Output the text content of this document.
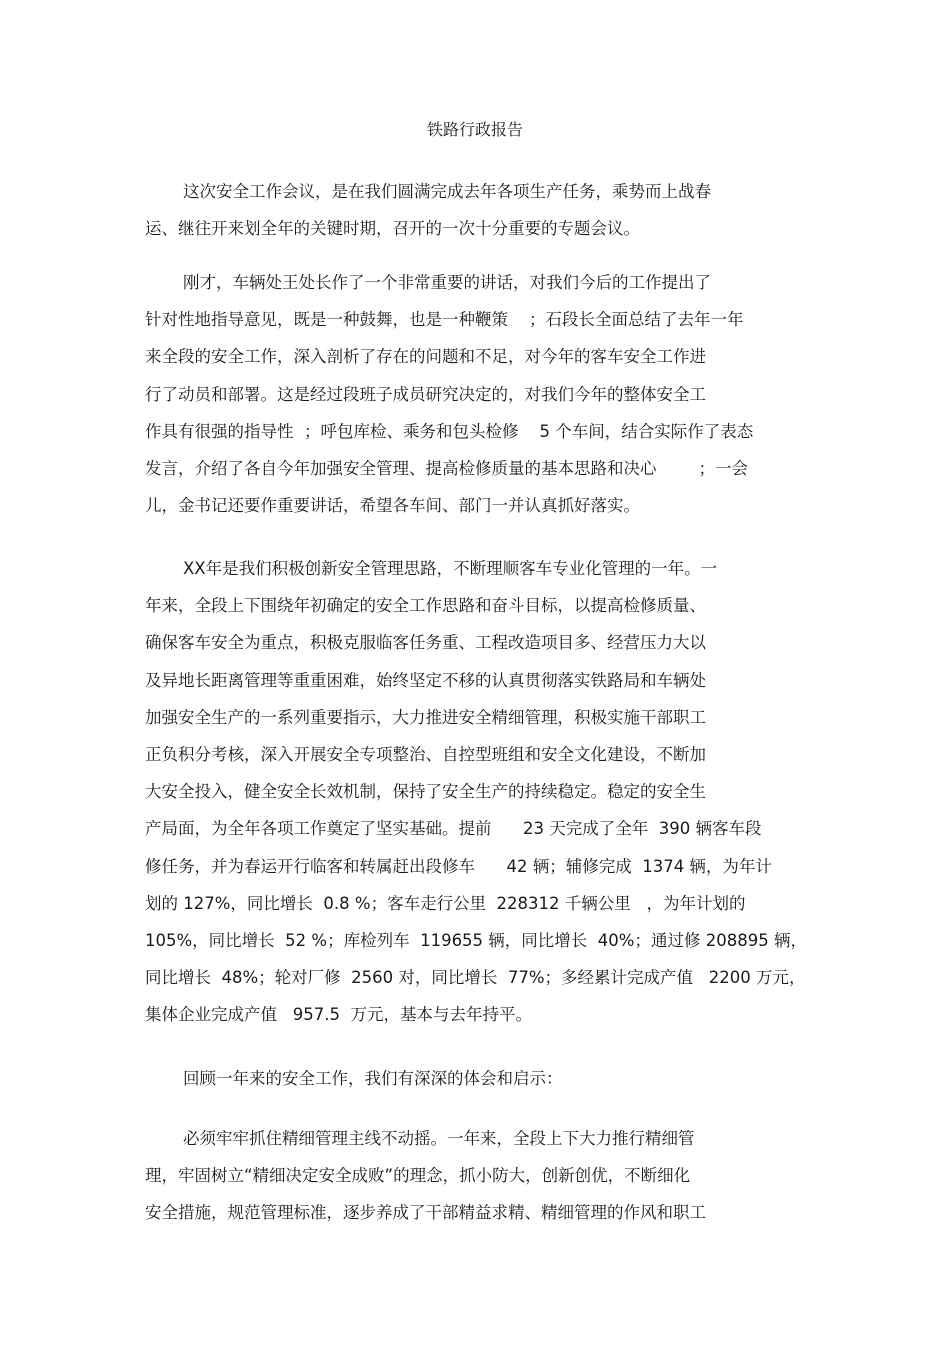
铁路行政报告
这次安全工作会议，是在我们圆满完成去年各项生产任务，乘势而上战春
运、继往开来划全年的关键时期，召开的一次十分重要的专题会议。
刚才，车辆处王处长作了一个非常重要的讲话，对我们今后的工作提出了
针对性地指导意见，既是一种鼓舞，也是一种鞭策    ；石段长全面总结了去年一年
来全段的安全工作，深入剖析了存在的问题和不足，对今年的客车安全工作进
行了动员和部署。这是经过段班子成员研究决定的，对我们今年的整体安全工
作具有很强的指导性  ；呼包库检、乘务和包头检修    5 个车间，结合实际作了表态
发言，介绍了各自今年加强安全管理、提高检修质量的基本思路和决心        ；一会
儿，金书记还要作重要讲话，希望各车间、部门一并认真抓好落实。
XX年是我们积极创新安全管理思路，不断理顺客车专业化管理的一年。一
年来，全段上下围绕年初确定的安全工作思路和奋斗目标，以提高检修质量、
确保客车安全为重点，积极克服临客任务重、工程改造项目多、经营压力大以
及异地长距离管理等重重困难，始终坚定不移的认真贯彻落实铁路局和车辆处
加强安全生产的一系列重要指示，大力推进安全精细管理，积极实施干部职工
正负积分考核，深入开展安全专项整治、自控型班组和安全文化建设，不断加
大安全投入，健全安全长效机制，保持了安全生产的持续稳定。稳定的安全生
产局面，为全年各项工作奠定了坚实基础。提前      23 天完成了全年  390 辆客车段
修任务，并为春运开行临客和转属赶出段修车      42 辆；辅修完成  1374 辆，为年计
划的 127%，同比增长  0.8 %；客车走行公里  228312 千辆公里   ，为年计划的
105%，同比增长  52 %；库检列车  119655 辆，同比增长  40%；通过修 208895 辆，
同比增长  48%；轮对厂修  2560 对，同比增长  77%；多经累计完成产值   2200 万元，
集体企业完成产值   957.5  万元，基本与去年持平。
回顾一年来的安全工作，我们有深深的体会和启示：
必须牢牢抓住精细管理主线不动摇。一年来，全段上下大力推行精细管
理，牢固树立“精细决定安全成败”的理念，抓小防大，创新创优，不断细化
安全措施，规范管理标准，逐步养成了干部精益求精、精细管理的作风和职工
